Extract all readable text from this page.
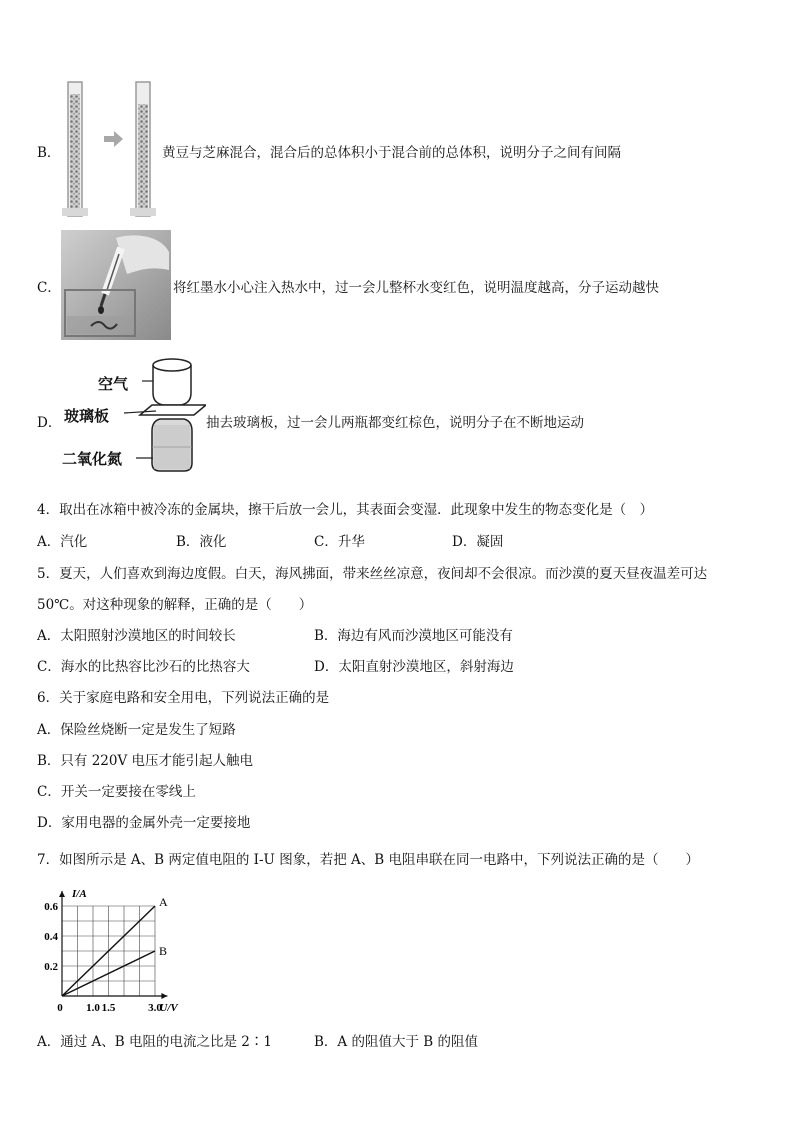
B．	黄豆与芝麻混合，混合后的总体积小于混合前的总体积，说明分子之间有间隔
C．	将红墨水小心注入热水中，过一会儿整杯水变红色，说明温度越高，分子运动越快
D．
空气
玻璃板
二氧化氮
抽去玻璃板，过一会儿两瓶都变红棕色，说明分子在不断地运动
4．取出在冰箱中被冷冻的金属块，擦干后放一会儿，其表面会变湿．此现象中发生的物态变化是（　）
A．汽化	B．液化	C．升华	D．凝固
5．夏天，人们喜欢到海边度假。白天，海风拂面，带来丝丝凉意，夜间却不会很凉。而沙漠的夏天昼夜温差可达
50℃。对这种现象的解释，正确的是（　　）
A．太阳照射沙漠地区的时间较长	B．海边有风而沙漠地区可能没有
C．海水的比热容比沙石的比热容大	D．太阳直射沙漠地区，斜射海边
6．关于家庭电路和安全用电，下列说法正确的是
A．保险丝烧断一定是发生了短路
B．只有 220V 电压才能引起人触电
C．开关一定要接在零线上
D．家用电器的金属外壳一定要接地
7．如图所示是 A、B 两定值电阻的 I-U 图象，若把 A、B 电阻串联在同一电路中，下列说法正确的是（　　）
A
B
0.2
0.4
0.6
1.0 1.5	3.0
0
I/A
U/V
A．通过 A、B 电阻的电流之比是 2∶1	B．A 的阻值大于 B 的阻值
